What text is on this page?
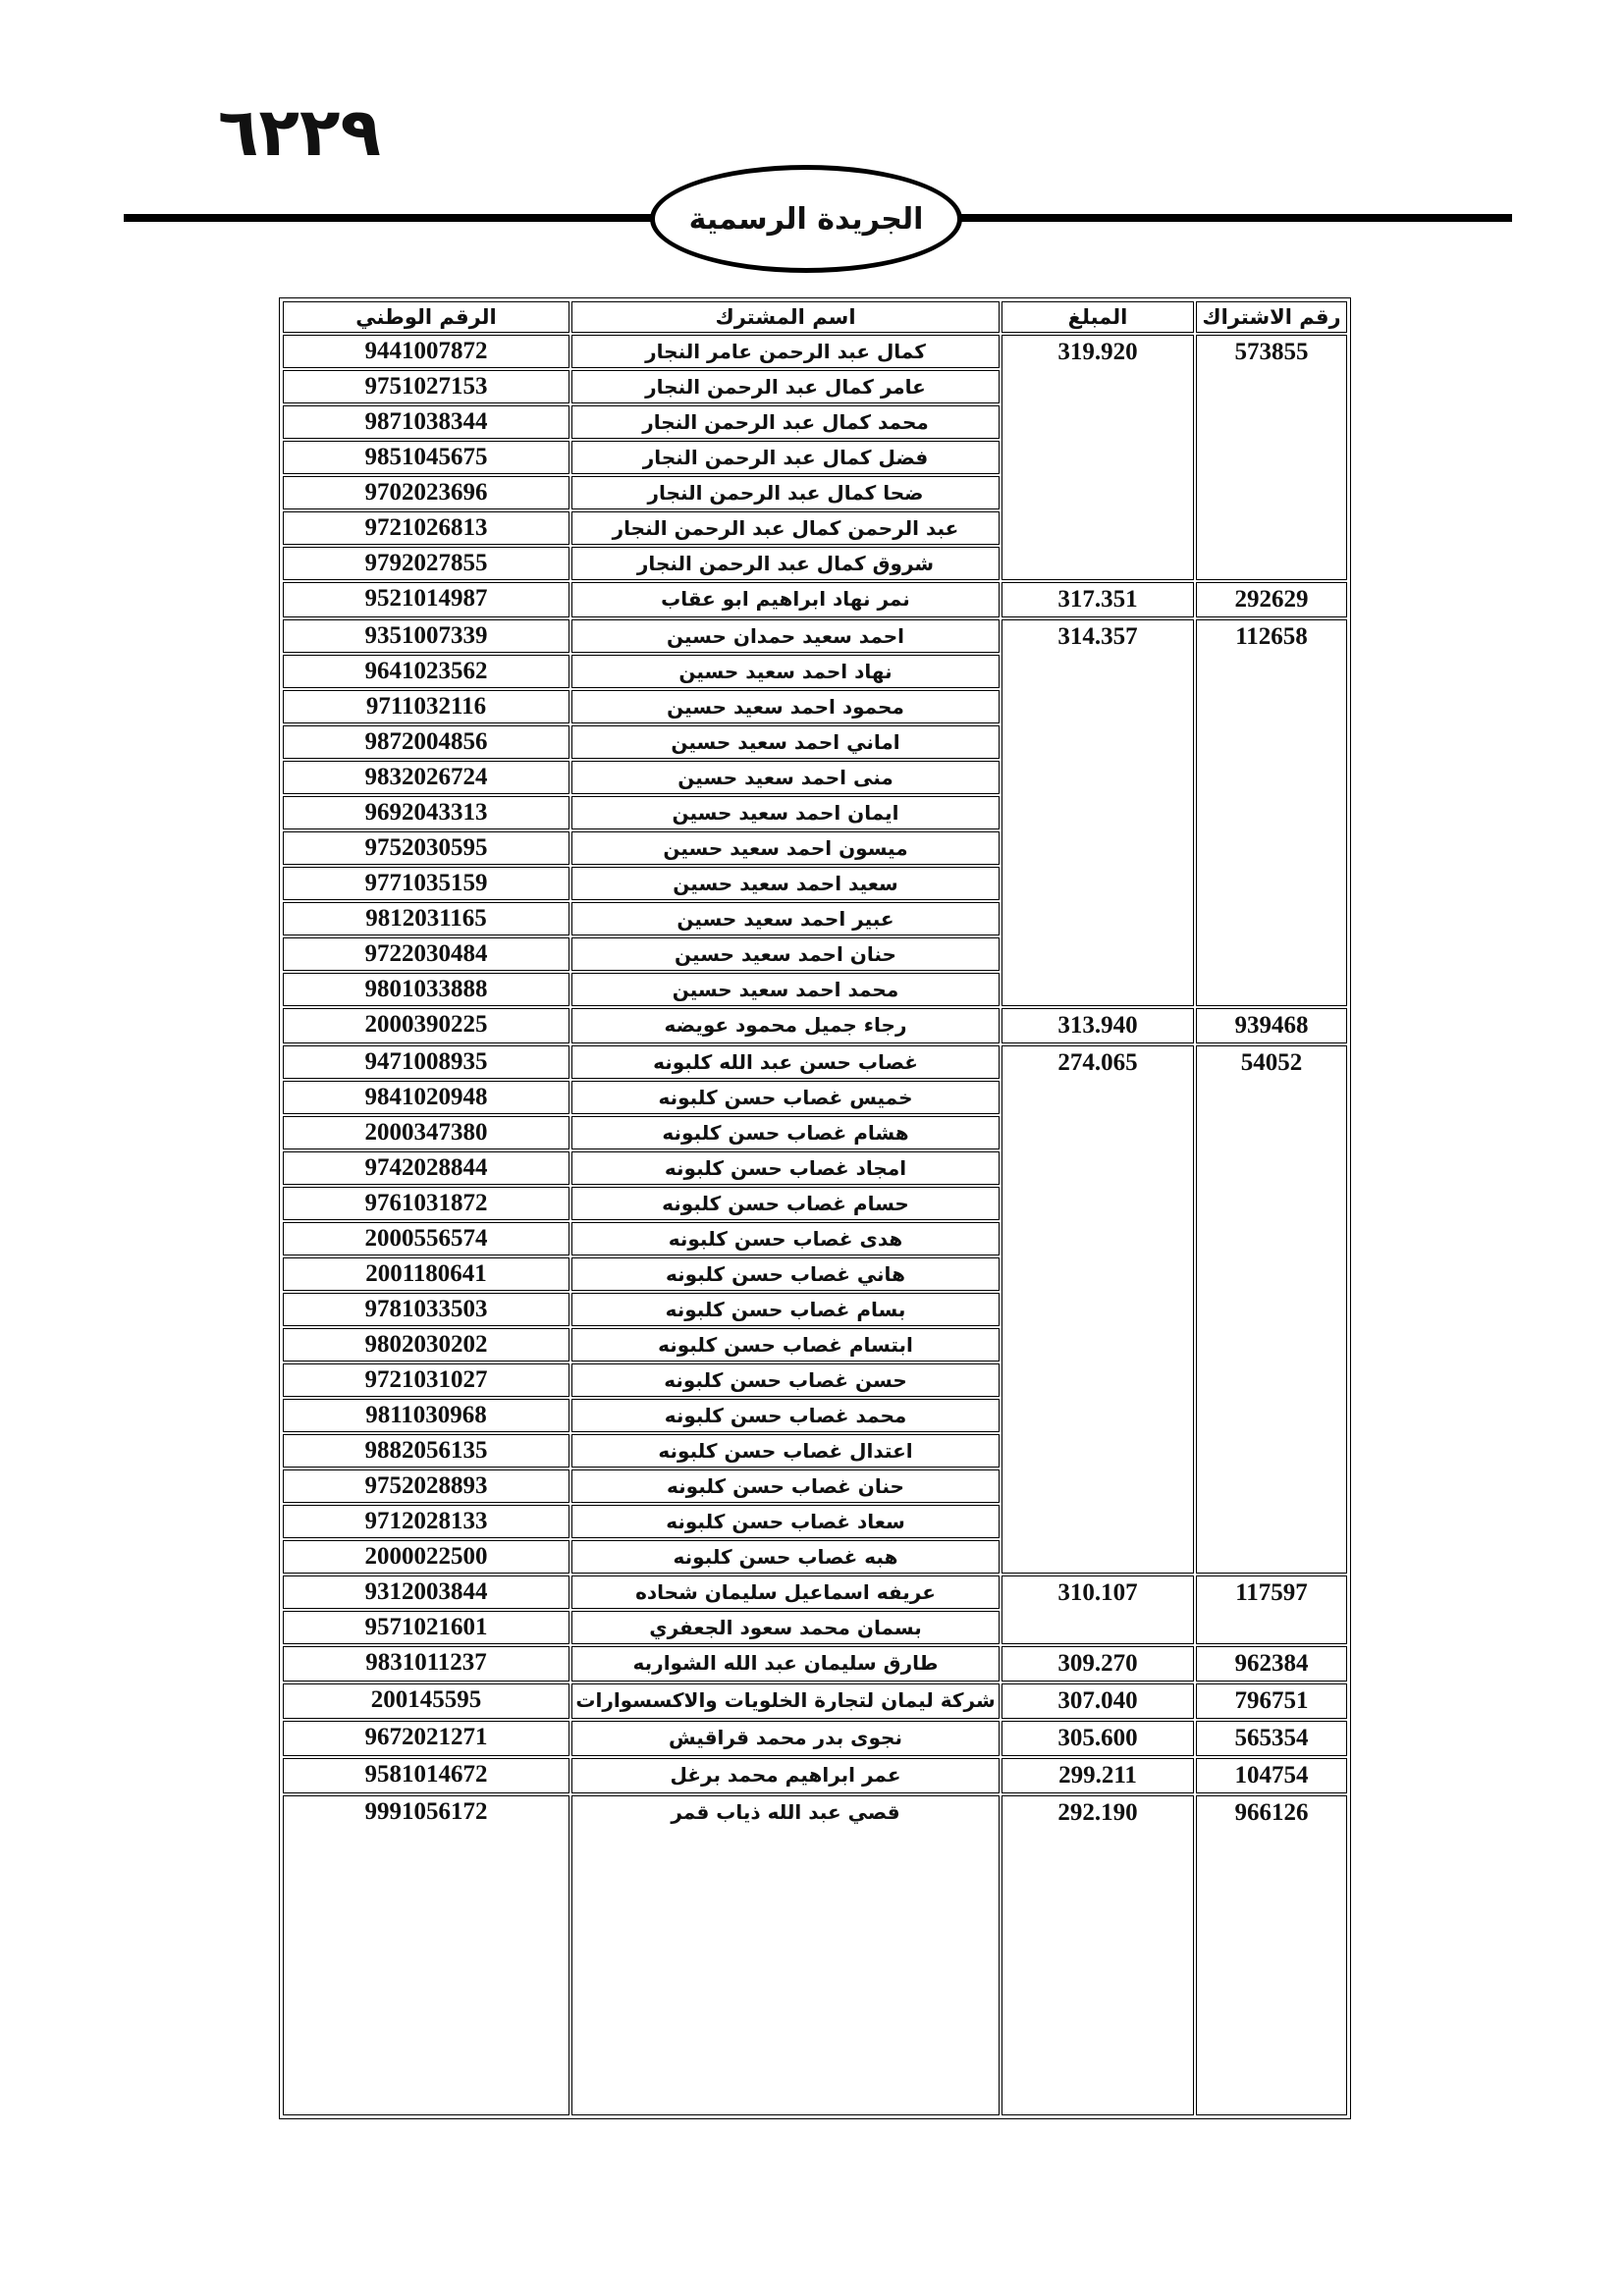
٦٢٢٩
الجريدة الرسمية
رقم الاشتراك	المبلغ	اسم المشترك	الرقم الوطني
573855	319.920	كمال عبد الرحمن عامر النجار	9441007872
		عامر كمال عبد الرحمن النجار	9751027153
		محمد كمال عبد الرحمن النجار	9871038344
		فضل كمال عبد الرحمن النجار	9851045675
		ضحا كمال عبد الرحمن النجار	9702023696
		عبد الرحمن كمال عبد الرحمن النجار	9721026813
		شروق كمال عبد الرحمن النجار	9792027855
292629	317.351	نمر نهاد ابراهيم ابو عقاب	9521014987
112658	314.357	احمد سعيد حمدان حسين	9351007339
		نهاد احمد سعيد حسين	9641023562
		محمود احمد سعيد حسين	9711032116
		اماني احمد سعيد حسين	9872004856
		منى احمد سعيد حسين	9832026724
		ايمان احمد سعيد حسين	9692043313
		ميسون احمد سعيد حسين	9752030595
		سعيد احمد سعيد حسين	9771035159
		عبير احمد سعيد حسين	9812031165
		حنان احمد سعيد حسين	9722030484
		محمد احمد سعيد حسين	9801033888
939468	313.940	رجاء جميل محمود عويضه	2000390225
54052	274.065	غصاب حسن عبد الله كلبونه	9471008935
		خميس غصاب حسن كلبونه	9841020948
		هشام غصاب حسن كلبونه	2000347380
		امجاد غصاب حسن كلبونه	9742028844
		حسام غصاب حسن كلبونه	9761031872
		هدى غصاب حسن كلبونه	2000556574
		هاني غصاب حسن كلبونه	2001180641
		بسام غصاب حسن كلبونه	9781033503
		ابتسام غصاب حسن كلبونه	9802030202
		حسن غصاب حسن كلبونه	9721031027
		محمد غصاب حسن كلبونه	9811030968
		اعتدال غصاب حسن كلبونه	9882056135
		حنان غصاب حسن كلبونه	9752028893
		سعاد غصاب حسن كلبونه	9712028133
		هبه غصاب حسن كلبونه	2000022500
117597	310.107	عريفه اسماعيل سليمان شحاده	9312003844
		بسمان محمد سعود الجعفري	9571021601
962384	309.270	طارق سليمان عبد الله الشواربه	9831011237
796751	307.040	شركة ليمان لتجارة الخلويات والاكسسوارات	200145595
565354	305.600	نجوى بدر محمد قراقيش	9672021271
104754	299.211	عمر ابراهيم محمد برغل	9581014672
966126	292.190	قصي عبد الله ذياب قمر	9991056172
